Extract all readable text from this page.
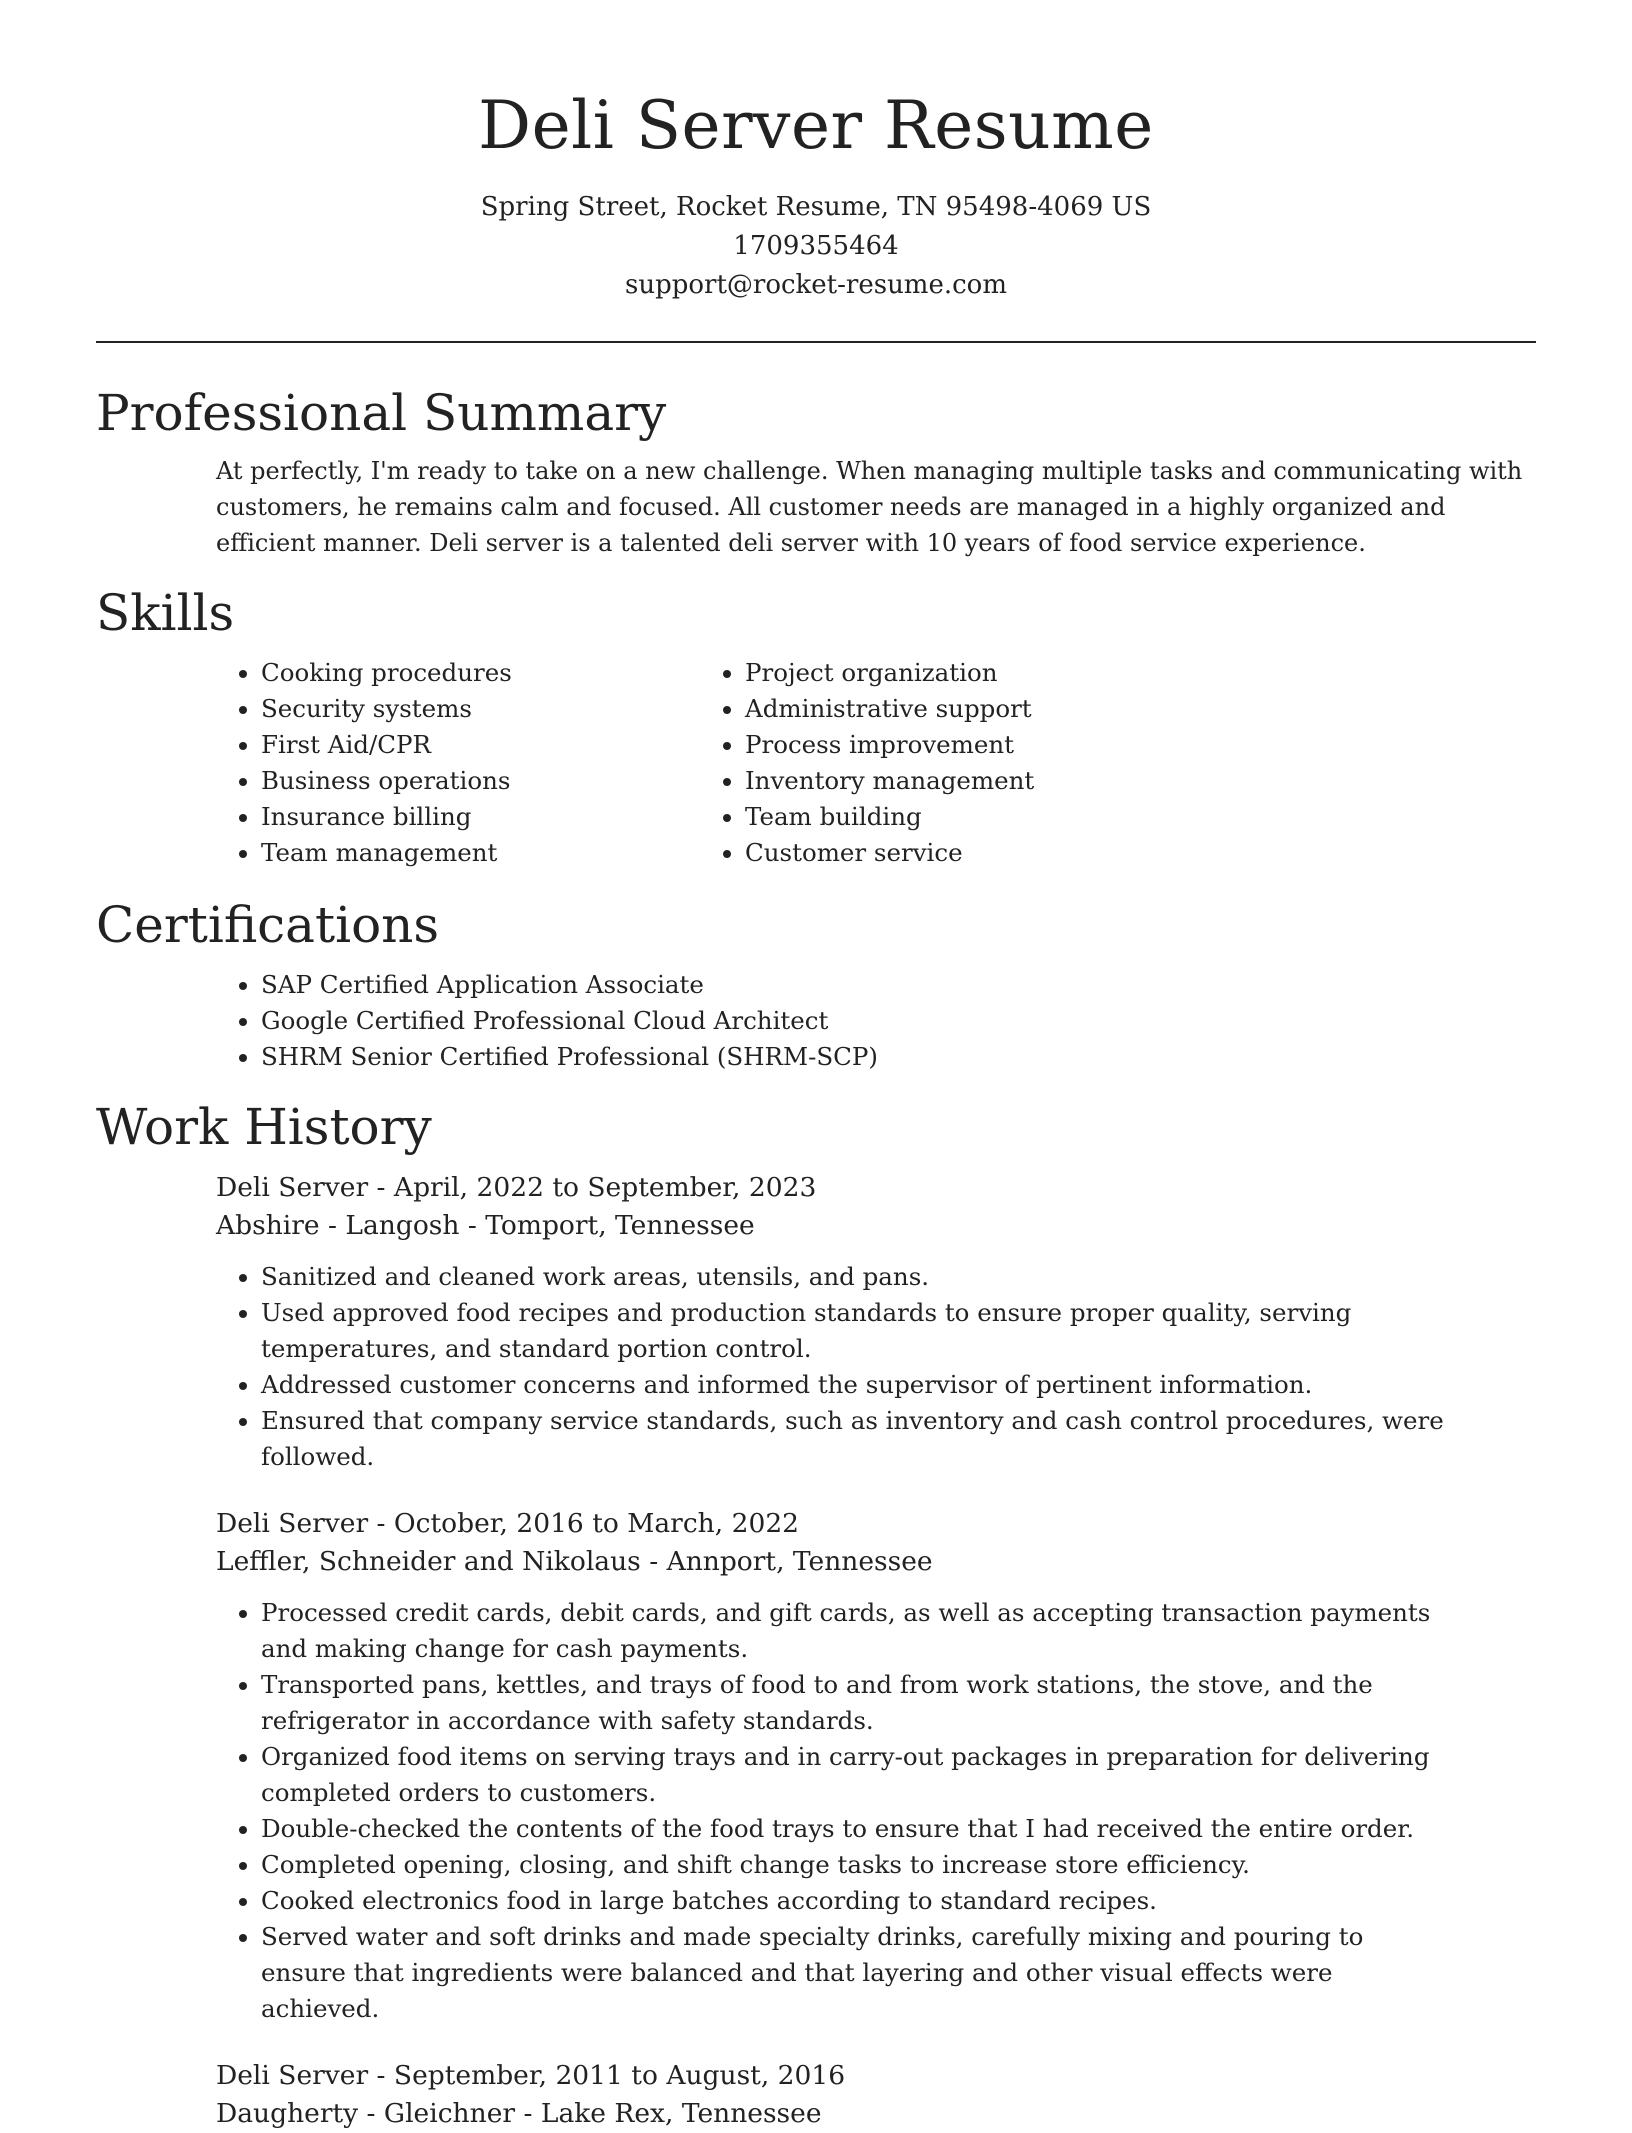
Deli Server Resume
Spring Street, Rocket Resume, TN 95498-4069 US
1709355464
support@rocket-resume.com
Professional Summary

At perfectly, I'm ready to take on a new challenge. When managing multiple tasks and communicating with customers, he remains calm and focused. All customer needs are managed in a highly organized and efficient manner. Deli server is a talented deli server with 10 years of food service experience.

Skills
• Cooking procedures
• Security systems
• First Aid/CPR
• Business operations
• Insurance billing
• Team management
• Project organization
• Administrative support
• Process improvement
• Inventory management
• Team building
• Customer service
Certifications
• SAP Certified Application Associate
• Google Certified Professional Cloud Architect
• SHRM Senior Certified Professional (SHRM-SCP)
Work History
Deli Server - April, 2022 to September, 2023
Abshire - Langosh - Tomport, Tennessee
• Sanitized and cleaned work areas, utensils, and pans.
• Used approved food recipes and production standards to ensure proper quality, serving temperatures, and standard portion control.
• Addressed customer concerns and informed the supervisor of pertinent information.
• Ensured that company service standards, such as inventory and cash control procedures, were followed.
Deli Server - October, 2016 to March, 2022
Leffler, Schneider and Nikolaus - Annport, Tennessee
• Processed credit cards, debit cards, and gift cards, as well as accepting transaction payments and making change for cash payments.
• Transported pans, kettles, and trays of food to and from work stations, the stove, and the refrigerator in accordance with safety standards.
• Organized food items on serving trays and in carry-out packages in preparation for delivering completed orders to customers.
• Double-checked the contents of the food trays to ensure that I had received the entire order.
• Completed opening, closing, and shift change tasks to increase store efficiency.
• Cooked electronics food in large batches according to standard recipes.
• Served water and soft drinks and made specialty drinks, carefully mixing and pouring to ensure that ingredients were balanced and that layering and other visual effects were achieved.
Deli Server - September, 2011 to August, 2016
Daugherty - Gleichner - Lake Rex, Tennessee
